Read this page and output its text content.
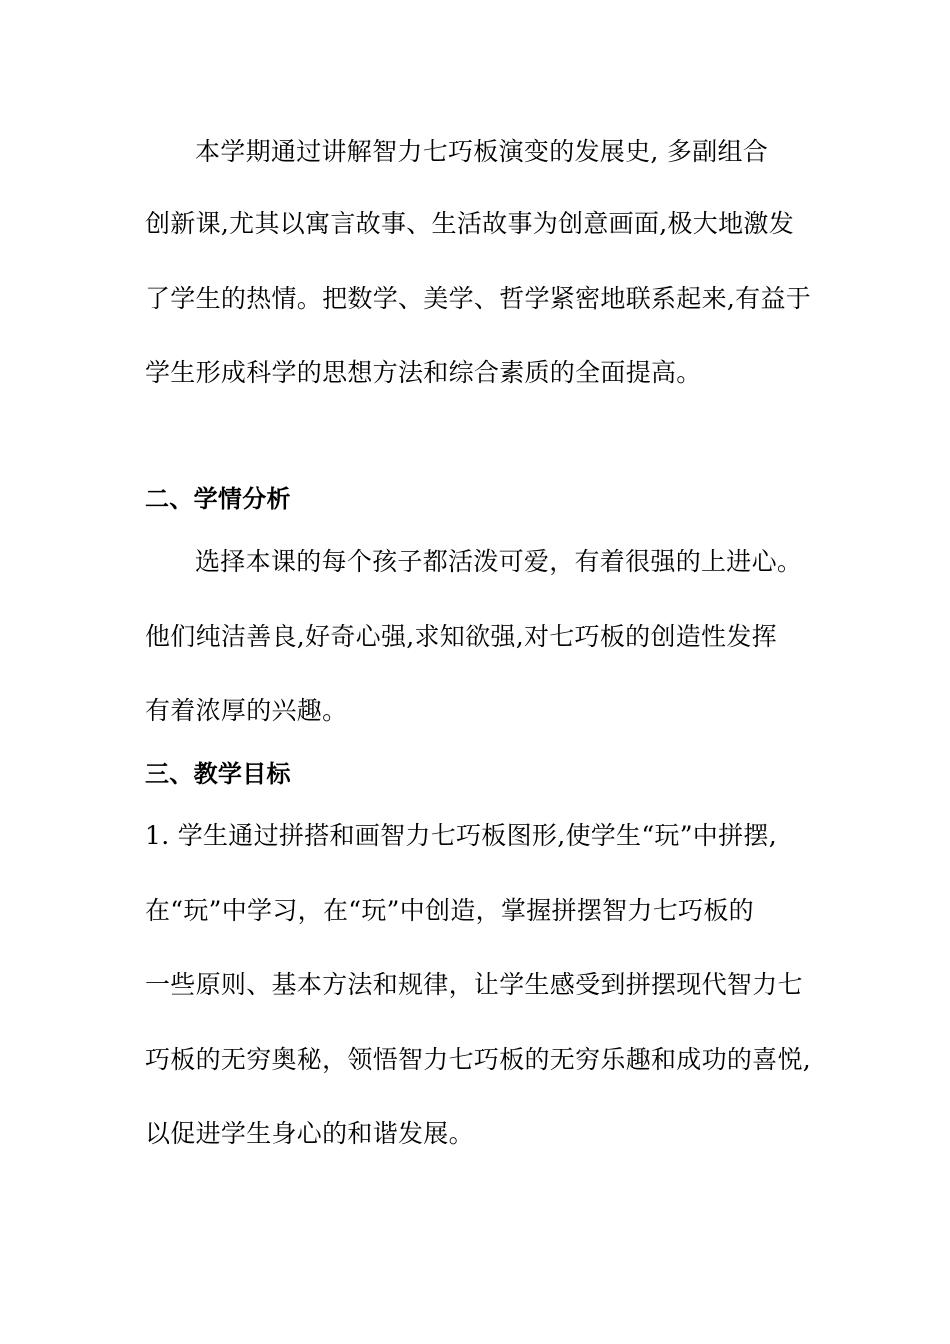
本学期通过讲解智力七巧板演变的发展史, 多副组合
创新课,尤其以寓言故事、生活故事为创意画面,极大地激发
了学生的热情。把数学、美学、哲学紧密地联系起来,有益于
学生形成科学的思想方法和综合素质的全面提高。
二、学情分析
选择本课的每个孩子都活泼可爱，有着很强的上进心。
他们纯洁善良,好奇心强,求知欲强,对七巧板的创造性发挥
有着浓厚的兴趣。
三、教学目标
1. 学生通过拼搭和画智力七巧板图形,使学生“玩”中拼摆,
在“玩”中学习，在“玩”中创造，掌握拼摆智力七巧板的
一些原则、基本方法和规律，让学生感受到拼摆现代智力七
巧板的无穷奥秘，领悟智力七巧板的无穷乐趣和成功的喜悦,
以促进学生身心的和谐发展。
